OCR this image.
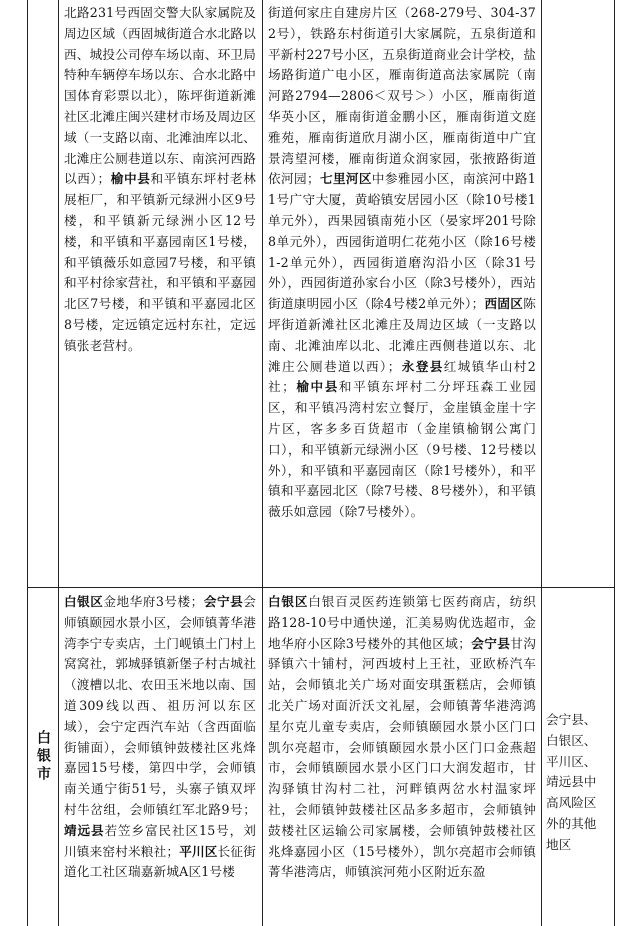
北路231号西固交警大队家属院及周边区域（西固城街道合水北路以西、城投公司停车场以南、环卫局特种车辆停车场以东、合水北路中国体育彩票以北），陈坪街道新滩社区北滩庄闽兴建材市场及周边区域（一支路以南、北滩油库以北、北滩庄公厕巷道以东、南滨河西路以西）；榆中县和平镇东坪村老林展柜厂，和平镇新元绿洲小区9号楼，和平镇新元绿洲小区12号楼，和平镇和平嘉园南区1号楼，和平镇薇乐如意园7号楼，和平镇和平村徐家营社，和平镇和平嘉园北区7号楼，和平镇和平嘉园北区8号楼，定远镇定远村东社，定远镇张老营村。

街道何家庄自建房片区（268-279号、304-372号），铁路东村街道引大家属院，五泉街道和平新村227号小区，五泉街道商业会计学校，盐场路街道广电小区，雁南街道高法家属院（南河路2794—2806＜双号＞）小区，雁南街道华英小区，雁南街道金鹏小区，雁南街道文庭雅苑，雁南街道欣月湖小区，雁南街道中广宜景湾望河楼，雁南街道众润家园，张掖路街道依河园；七里河区中参雅园小区，南滨河中路11号广守大厦，黄峪镇安居园小区（除10号楼1单元外），西果园镇南苑小区（晏家坪201号除8单元外），西园街道明仁花苑小区（除16号楼1-2单元外），西园街道磨沟沿小区（除31号外），西园街道孙家台小区（除3号楼外），西站街道康明园小区（除4号楼2单元外）；西固区陈坪街道新滩社区北滩庄及周边区域（一支路以南、北滩油库以北、北滩庄西侧巷道以东、北滩庄公厕巷道以西）；永登县红城镇华山村2社；榆中县和平镇东坪村二分坪珏森工业园区，和平镇冯湾村宏立餐厅，金崖镇金崖十字片区，客多多百货超市（金崖镇榆钢公寓门口），和平镇新元绿洲小区（9号楼、12号楼以外），和平镇和平嘉园南区（除1号楼外），和平镇和平嘉园北区（除7号楼、8号楼外），和平镇薇乐如意园（除7号楼外）。

白银市

白银区金地华府3号楼；会宁县会师镇颐园水景小区，会师镇菁华港湾李宁专卖店，土门岘镇土门村上窝窝社，郭城驿镇新堡子村古城社（渡槽以北、农田玉米地以南、国道309线以西、祖历河以东区域），会宁定西汽车站（含西面临街铺面），会师镇钟鼓楼社区兆烽嘉园15号楼，第四中学，会师镇南关通宁街51号，头寨子镇双坪村牛岔组，会师镇红军北路9号；靖远县若笠乡富民社区15号，刘川镇来窑村米粮社；平川区长征街道化工社区瑞嘉新城A区1号楼

白银区白银百灵医药连锁第七医药商店，纺织路128-10号中通快递，汇美易购优选超市，金地华府小区除3号楼外的其他区域；会宁县甘沟驿镇六十铺村，河西坡村上王社，亚欧桥汽车站，会师镇北关广场对面安琪蛋糕店，会师镇北关广场对面沂沃文礼屋，会师镇菁华港湾鸿星尔克儿童专卖店，会师镇颐园水景小区门口凯尔亮超市，会师镇颐园水景小区门口金燕超市，会师镇颐园水景小区门口大润发超市，甘沟驿镇甘沟村二社，河畔镇两岔水村温家坪社，会师镇钟鼓楼社区品多多超市，会师镇钟鼓楼社区运输公司家属楼，会师镇钟鼓楼社区兆烽嘉园小区（15号楼外），凯尔亮超市会师镇菁华港湾店，师镇滨河苑小区附近东盈

会宁县、白银区、平川区、靖远县中高风险区外的其他地区
